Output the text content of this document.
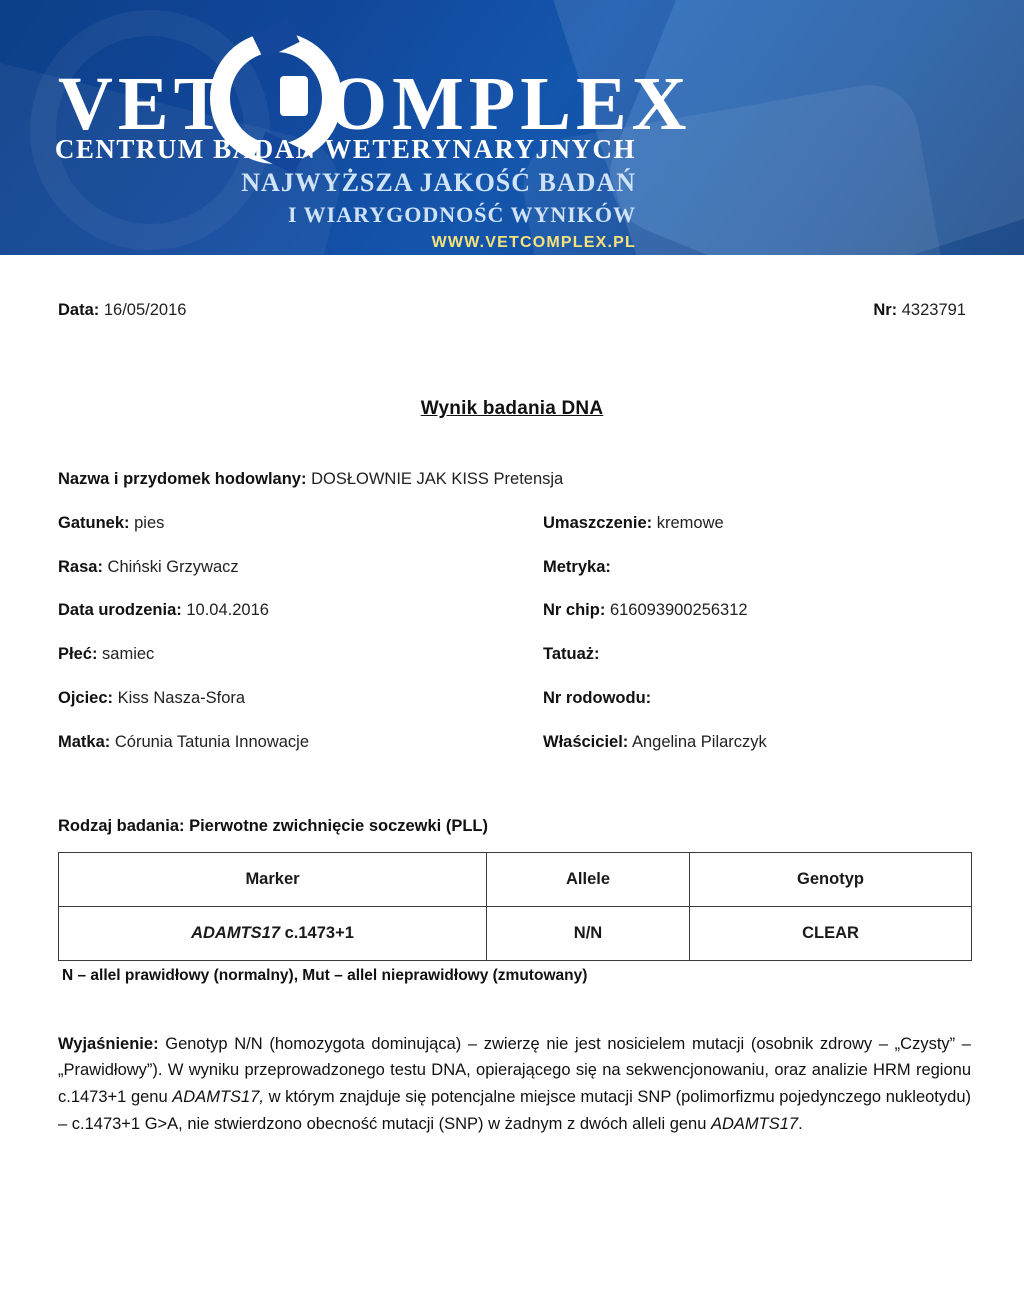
VET OMPLEX
CENTRUM BADAŃ WETERYNARYJNYCH
NAJWYŻSZA JAKOŚĆ BADAŃ
I WIARYGODNOŚĆ WYNIKÓW
WWW.VETCOMPLEX.PL
Data: 16/05/2016	Nr: 4323791
Wynik badania DNA
Nazwa i przydomek hodowlany: DOSŁOWNIE JAK KISS Pretensja
Gatunek: pies	Umaszczenie: kremowe
Rasa: Chiński Grzywacz	Metryka:
Data urodzenia: 10.04.2016	Nr chip: 616093900256312
Płeć: samiec	Tatuaż:
Ojciec: Kiss Nasza-Sfora	Nr rodowodu:
Matka: Córunia Tatunia Innowacje	Właściciel: Angelina Pilarczyk
Rodzaj badania: Pierwotne zwichnięcie soczewki (PLL)
Marker	Allele	Genotyp
ADAMTS17 c.1473+1	N/N	CLEAR
N – allel prawidłowy (normalny), Mut – allel nieprawidłowy (zmutowany)
Wyjaśnienie: Genotyp N/N (homozygota dominująca) – zwierzę nie jest nosicielem mutacji (osobnik zdrowy – „Czysty” – „Prawidłowy”). W wyniku przeprowadzonego testu DNA, opierającego się na sekwencjonowaniu, oraz analizie HRM regionu c.1473+1 genu ADAMTS17, w którym znajduje się potencjalne miejsce mutacji SNP (polimorfizmu pojedynczego nukleotydu) – c.1473+1 G>A, nie stwierdzono obecność mutacji (SNP) w żadnym z dwóch alleli genu ADAMTS17.
